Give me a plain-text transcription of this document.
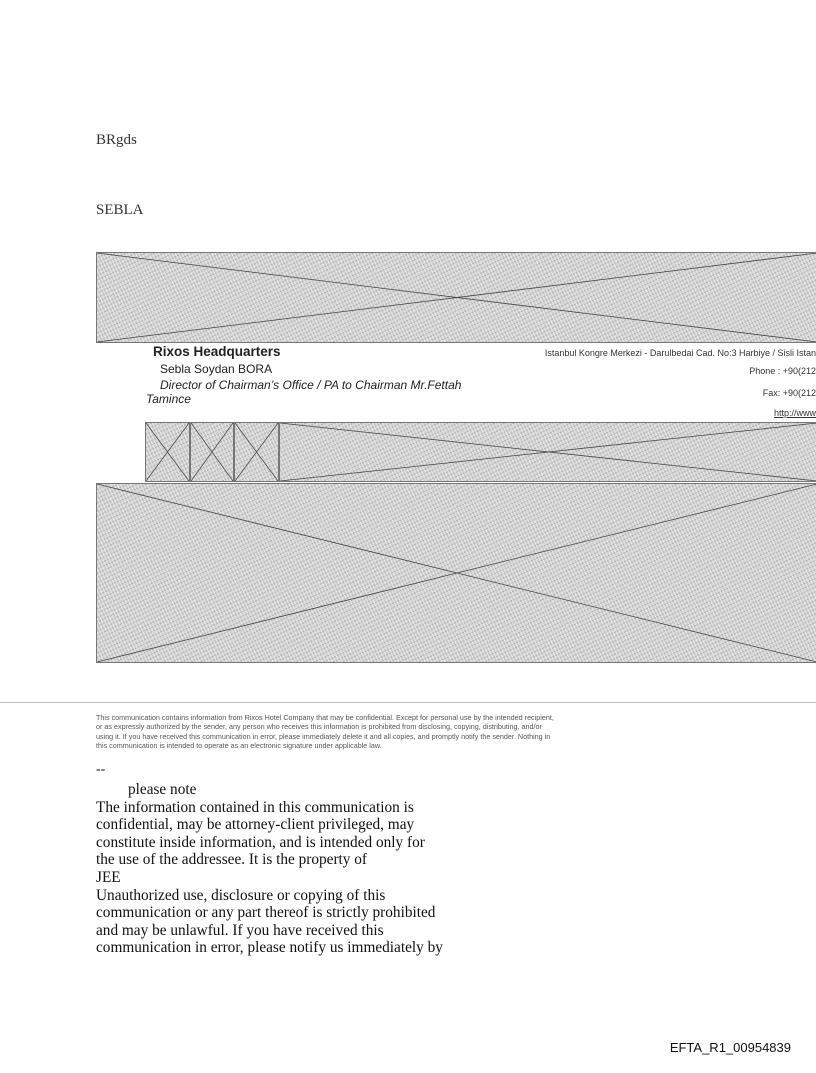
BRgds
SEBLA
Rixos Headquarters
Sebla Soydan BORA
Director of Chairman’s Office / PA to Chairman Mr.Fettah
Tamince
Istanbul Kongre Merkezi - Darulbedai Cad. No:3 Harbiye / Sisli Istan
Phone : +90(212
Fax: +90(212
http://www
This communication contains information from Rixos Hotel Company that may be confidential. Except for personal use by the intended recipient,
or as expressly authorized by the sender, any person who receives this information is prohibited from disclosing, copying, distributing, and/or
using it. If you have received this communication in error, please immediately delete it and all copies, and promptly notify the sender. Nothing in
this communication is intended to operate as an electronic signature under applicable law.
--
please note
The information contained in this communication is
confidential, may be attorney-client privileged, may
constitute inside information, and is intended only for
the use of the addressee. It is the property of
JEE
Unauthorized use, disclosure or copying of this
communication or any part thereof is strictly prohibited
and may be unlawful. If you have received this
communication in error, please notify us immediately by
EFTA_R1_00954839
